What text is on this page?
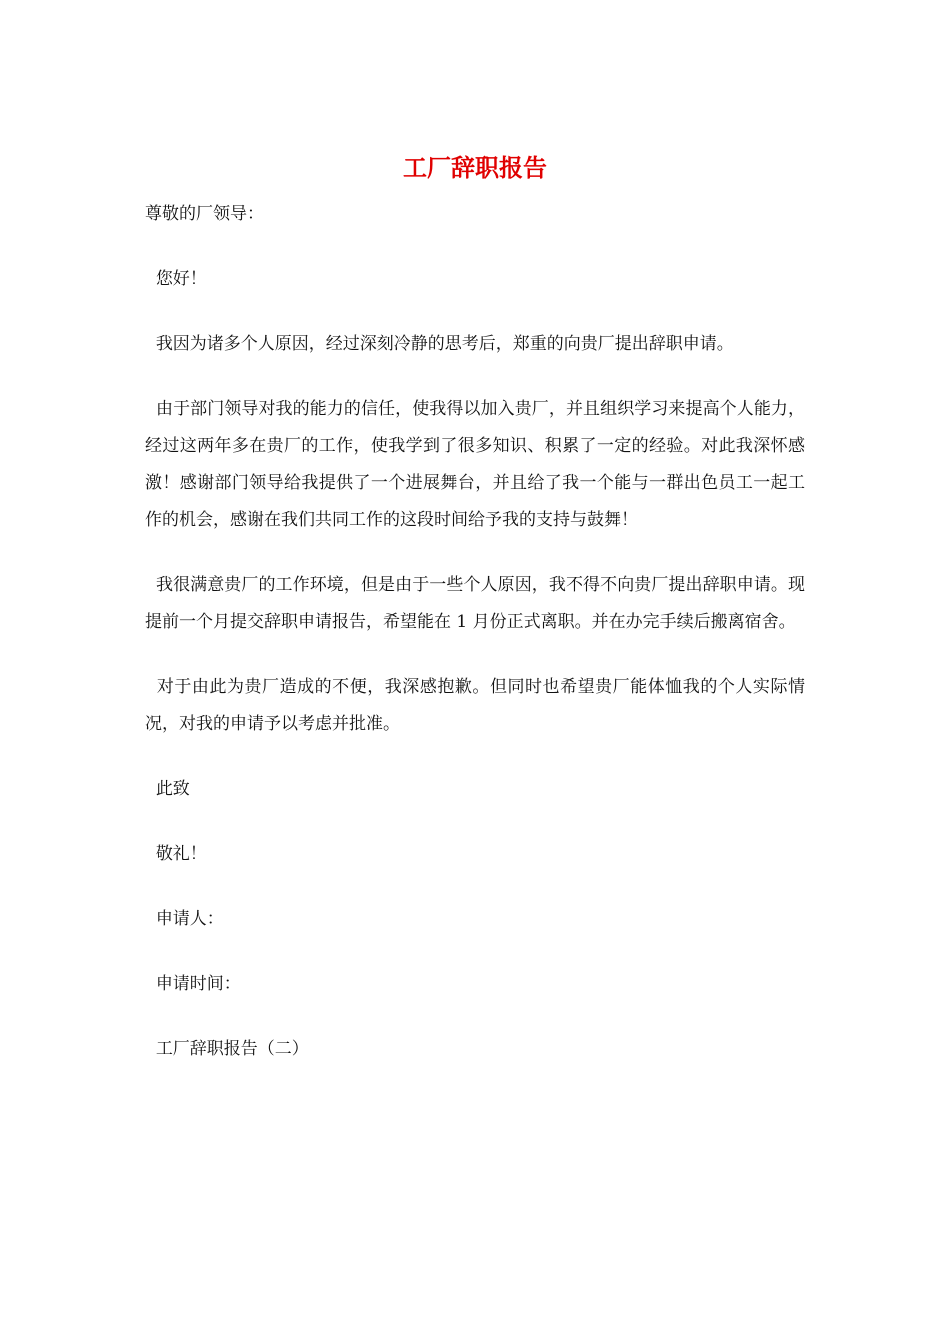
工厂辞职报告

尊敬的厂领导：

您好！

我因为诸多个人原因，经过深刻冷静的思考后，郑重的向贵厂提出辞职申请。

由于部门领导对我的能力的信任，使我得以加入贵厂，并且组织学习来提高个人能力，经过这两年多在贵厂的工作，使我学到了很多知识、积累了一定的经验。对此我深怀感激！感谢部门领导给我提供了一个进展舞台，并且给了我一个能与一群出色员工一起工作的机会，感谢在我们共同工作的这段时间给予我的支持与鼓舞！

我很满意贵厂的工作环境，但是由于一些个人原因，我不得不向贵厂提出辞职申请。现提前一个月提交辞职申请报告，希望能在 1 月份正式离职。并在办完手续后搬离宿舍。

对于由此为贵厂造成的不便，我深感抱歉。但同时也希望贵厂能体恤我的个人实际情况，对我的申请予以考虑并批准。

此致

敬礼！

申请人：

申请时间：

工厂辞职报告（二）
